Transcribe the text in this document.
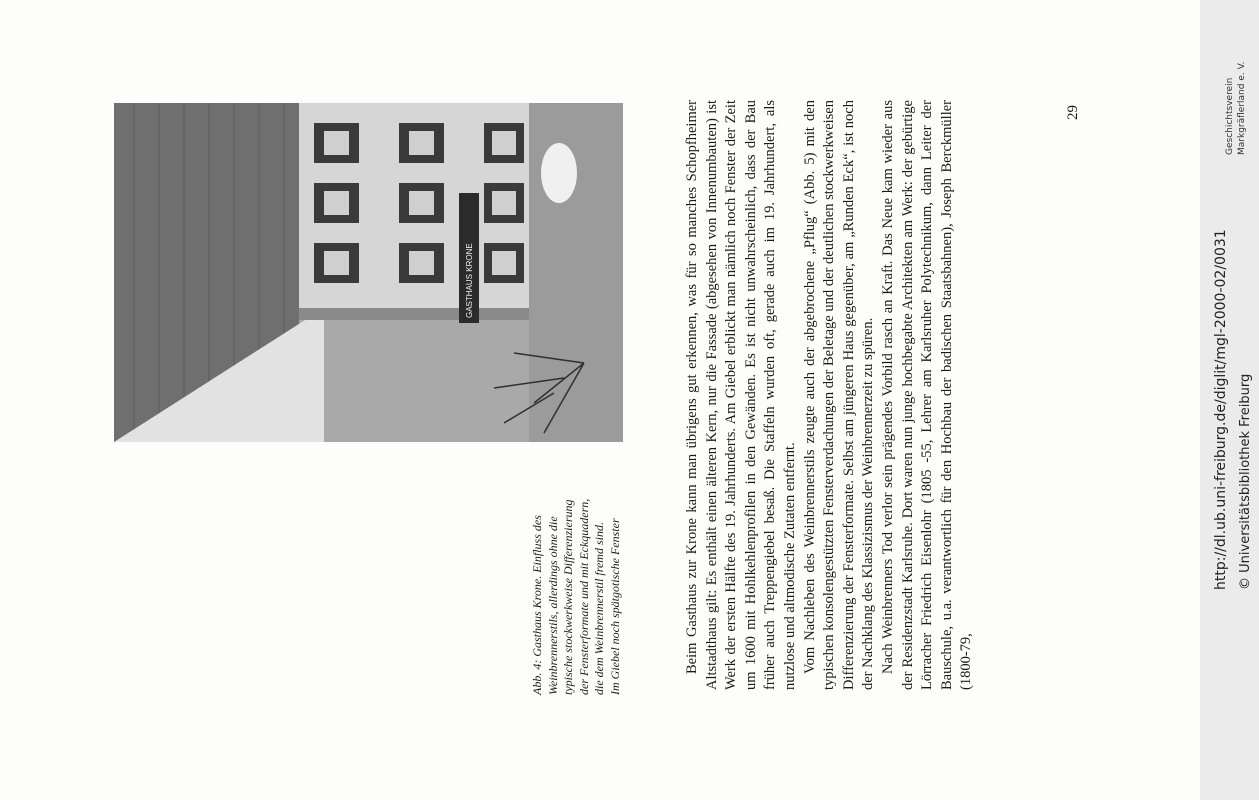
GASTHAUS KRONE
Abb. 4: Gasthaus Krone. Einfluss des Weinbrennerstils, allerdings ohne die typische stockwerkweise Differenzierung der Fensterformate und mit Eckquadern, die dem Weinbrennerstil fremd sind. Im Giebel noch spätgotische Fenster	Beim Gasthaus zur Krone kann man übrigens gut erkennen, was für so manches Schopfheimer Altstadthaus gilt: Es enthält einen älteren Kern, nur die Fassade (abgesehen von Innenumbauten) ist Werk der ersten Hälfte des 19. Jahrhunderts. Am Giebel erblickt man nämlich noch Fenster der Zeit um 1600 mit Hohlkehlenprofilen in den Gewänden. Es ist nicht unwahrscheinlich, dass der Bau früher auch Treppengiebel besaß. Die Staffeln wurden oft, gerade auch im 19. Jahrhundert, als nutzlose und altmodische Zutaten entfernt. Vom Nachleben des Weinbrennerstils zeugte auch der abgebrochene „Pflug“ (Abb. 5) mit den typischen konsolengestützten Fensterverdachungen der Beletage und der deutlichen stockwerkweisen Differenzierung der Fensterformate. Selbst am jüngeren Haus gegenüber, am „Runden Eck“, ist noch der Nachklang des Klassizismus der Weinbrennerzeit zu spüren. Nach Weinbrenners Tod verlor sein prägendes Vorbild rasch an Kraft. Das Neue kam wieder aus der Residenzstadt Karlsruhe. Dort waren nun junge hochbegabte Architekten am Werk: der gebürtige Lörracher Friedrich Eisenlohr (1805 -55, Lehrer am Karlsruher Polytechnikum, dann Leiter der Bauschule, u.a. verantwortlich für den Hochbau der badischen Staatsbahnen), Joseph Berckmüller (1800-79,

29
http://dl.ub.uni-freiburg.de/diglit/mgl-2000-02/0031 © Universitätsbibliothek Freiburg
Geschichtsverein Markgräflerland e. V.
